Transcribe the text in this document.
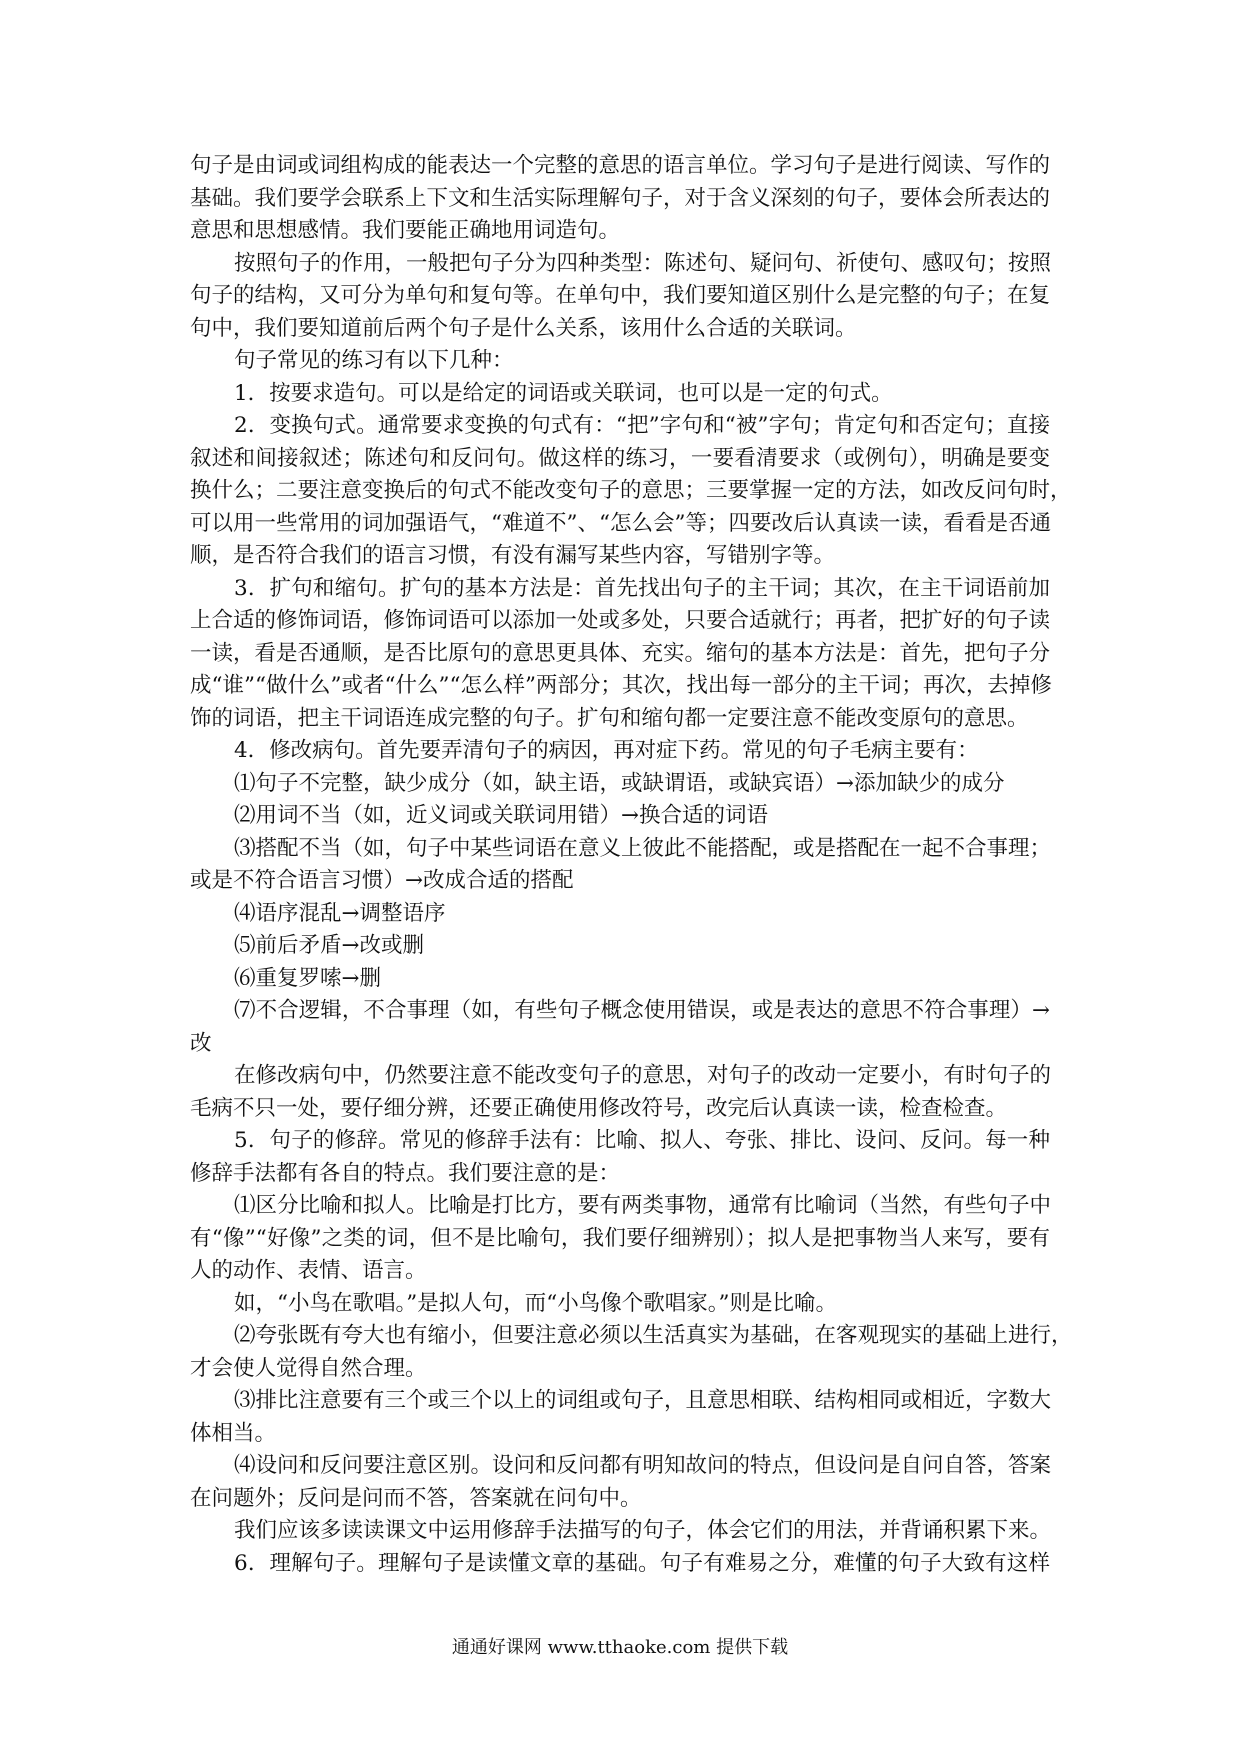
句子是由词或词组构成的能表达一个完整的意思的语言单位。学习句子是进行阅读、写作的
基础。我们要学会联系上下文和生活实际理解句子，对于含义深刻的句子，要体会所表达的
意思和思想感情。我们要能正确地用词造句。
按照句子的作用，一般把句子分为四种类型：陈述句、疑问句、祈使句、感叹句；按照
句子的结构，又可分为单句和复句等。在单句中，我们要知道区别什么是完整的句子；在复
句中，我们要知道前后两个句子是什么关系，该用什么合适的关联词。
句子常见的练习有以下几种：
1．按要求造句。可以是给定的词语或关联词，也可以是一定的句式。
2．变换句式。通常要求变换的句式有：“把”字句和“被”字句；肯定句和否定句；直接
叙述和间接叙述；陈述句和反问句。做这样的练习，一要看清要求（或例句），明确是要变
换什么；二要注意变换后的句式不能改变句子的意思；三要掌握一定的方法，如改反问句时，
可以用一些常用的词加强语气，“难道不”、“怎么会”等；四要改后认真读一读，看看是否通
顺，是否符合我们的语言习惯，有没有漏写某些内容，写错别字等。
3．扩句和缩句。扩句的基本方法是：首先找出句子的主干词；其次，在主干词语前加
上合适的修饰词语，修饰词语可以添加一处或多处，只要合适就行；再者，把扩好的句子读
一读，看是否通顺，是否比原句的意思更具体、充实。缩句的基本方法是：首先，把句子分
成“谁”“做什么”或者“什么”“怎么样”两部分；其次，找出每一部分的主干词；再次，去掉修
饰的词语，把主干词语连成完整的句子。扩句和缩句都一定要注意不能改变原句的意思。
4．修改病句。首先要弄清句子的病因，再对症下药。常见的句子毛病主要有：
⑴句子不完整，缺少成分（如，缺主语，或缺谓语，或缺宾语）→添加缺少的成分
⑵用词不当（如，近义词或关联词用错）→换合适的词语
⑶搭配不当（如，句子中某些词语在意义上彼此不能搭配，或是搭配在一起不合事理；
或是不符合语言习惯）→改成合适的搭配
⑷语序混乱→调整语序
⑸前后矛盾→改或删
⑹重复罗嗦→删
⑺不合逻辑，不合事理（如，有些句子概念使用错误，或是表达的意思不符合事理）→
改
在修改病句中，仍然要注意不能改变句子的意思，对句子的改动一定要小，有时句子的
毛病不只一处，要仔细分辨，还要正确使用修改符号，改完后认真读一读，检查检查。
5．句子的修辞。常见的修辞手法有：比喻、拟人、夸张、排比、设问、反问。每一种
修辞手法都有各自的特点。我们要注意的是：
⑴区分比喻和拟人。比喻是打比方，要有两类事物，通常有比喻词（当然，有些句子中
有“像”“好像”之类的词，但不是比喻句，我们要仔细辨别）；拟人是把事物当人来写，要有
人的动作、表情、语言。
如，“小鸟在歌唱。”是拟人句，而“小鸟像个歌唱家。”则是比喻。
⑵夸张既有夸大也有缩小，但要注意必须以生活真实为基础，在客观现实的基础上进行，
才会使人觉得自然合理。
⑶排比注意要有三个或三个以上的词组或句子，且意思相联、结构相同或相近，字数大
体相当。
⑷设问和反问要注意区别。设问和反问都有明知故问的特点，但设问是自问自答，答案
在问题外；反问是问而不答，答案就在问句中。
我们应该多读读课文中运用修辞手法描写的句子，体会它们的用法，并背诵积累下来。
6．理解句子。理解句子是读懂文章的基础。句子有难易之分，难懂的句子大致有这样
通通好课网 www.tthaoke.com 提供下载
